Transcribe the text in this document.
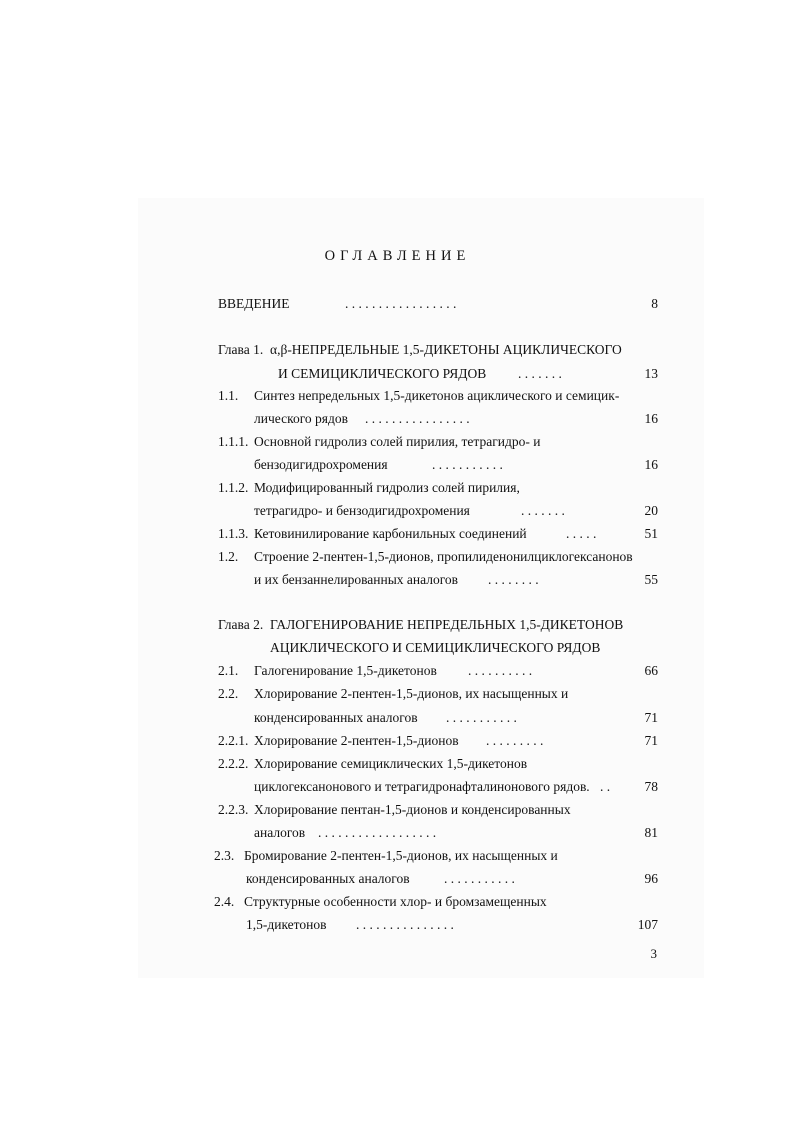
ОГЛАВЛЕНИЕ
ВВЕДЕНИЕ	. . . . . . . . . . . . . . . . .	8
Глава 1. α,β-НЕПРЕДЕЛЬНЫЕ 1,5-ДИКЕТОНЫ АЦИКЛИЧЕСКОГО
И СЕМИЦИКЛИЧЕСКОГО РЯДОВ . . . . . . .	13
1.1. Синтез непредельных 1,5-дикетонов ациклического и семицик-
лического рядов . . . . . . . . . . . . . . . .	16
1.1.1. Основной гидролиз солей пирилия, тетрагидро- и
бензодигидрохромения	. . . . . . . . . . .	16
1.1.2. Модифицированный гидролиз солей пирилия,
тетрагидро- и бензодигидрохромения	. . . . . . .	20
1.1.3. Кетовинилирование карбонильных соединений	. . . . .	51
1.2. Строение 2-пентен-1,5-дионов, пропилиденонилциклогексанонов
и их бензаннелированных аналогов . . . . . . . .	55
Глава 2. ГАЛОГЕНИРОВАНИЕ НЕПРЕДЕЛЬНЫХ 1,5-ДИКЕТОНОВ
АЦИКЛИЧЕСКОГО И СЕМИЦИКЛИЧЕСКОГО РЯДОВ
2.1. Галогенирование 1,5-дикетонов . . . . . . . . . .	66
2.2. Хлорирование 2-пентен-1,5-дионов, их насыщенных и
конденсированных аналогов . . . . . . . . . . .	71
2.2.1. Хлорирование 2-пентен-1,5-дионов . . . . . . . . .	71
2.2.2. Хлорирование семициклических 1,5-дикетонов
циклогексанонового и тетрагидронафталинонового рядов. . .	78
2.2.3. Хлорирование пентан-1,5-дионов и конденсированных
аналогов . . . . . . . . . . . . . . . . . .	81
2.3. Бромирование 2-пентен-1,5-дионов, их насыщенных и
конденсированных аналогов	. . . . . . . . . . .	96
2.4. Структурные особенности хлор- и бромзамещенных
1,5-дикетонов . . . . . . . . . . . . . . .	107
3
